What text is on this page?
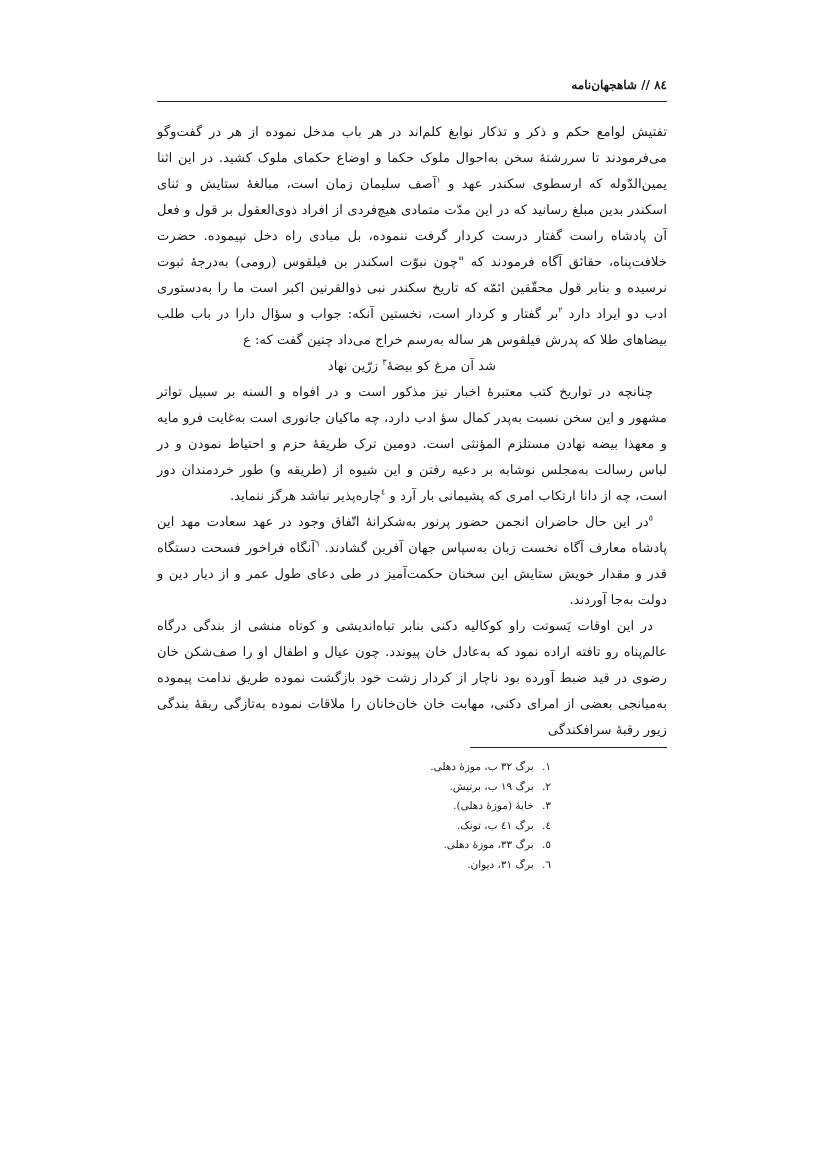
٨٤ // شاهجهان‌نامه

تفتیش لوامع حکم و ذکر و تذکار نوابغ کلم‌اند در هر باب مدخل نموده از هر در گفت‌وگو می‌فرمودند تا سررشتهٔ سخن به‌احوال ملوک حکما و اوضاع حکمای ملوک کشید. در این اثنا یمین‌الدّوله که ارسطوی سکندر عهد و $^١$آصف سلیمان زمان است، مبالغهٔ ستایش و ثنای اسکندر بدین مبلغ رسانید که در این مدّت متمادی هیچ‌فردی از افراد ذوی‌العقول بر قول و فعل آن پادشاه راست گفتار درست کردار گرفت ننموده، بل مبادی راه دخل نپیموده. حضرت خلافت‌پناه، حقائق آگاه فرمودند که "چون نبوّت اسکندر بن فیلقوس (رومی) به‌درجهٔ ثبوت نرسیده و بنابر قول محقّقین ائمّه که تاریخ سکندر نبی ذوالقرنین اکبر است ما را به‌دستوری ادب دو ایراد دارد $^٢$بر گفتار و کردار است، نخستین آنکه: جواب و سؤال دارا در باب طلب بیضاهای طلا که پدرش فیلقوس هر ساله به‌رسم خراج می‌داد چنین گفت که: ع

شد آن مرغ کو بیضهٔ$^٣$ زرّین نهاد

چنانچه در تواریخ کتب معتبرهٔ اخبار نیز مذکور است و در افواه و السنه بر سبیل تواتر مشهور و این سخن نسبت به‌پدر کمال سؤ ادب دارد، چه ماکیان جانوری است به‌غایت فرو مایه و معهذا بیضه نهادن مستلزم المؤنثی است. دومین ترک طریقهٔ حزم و احتیاط نمودن و در لباس رسالت به‌مجلس نوشابه بر دعیه رفتن و این شیوه از (طریقه و) طور خردمندان دور است، چه از دانا ارتکاب امری که پشیمانی بار آرد و $^٤$چاره‌پذیر نباشد هرگز ننماید.

$^٥$در این حال حاضران انجمن حضور پرنور به‌شکرانهٔ اتّفاق وجود در عهد سعادت مهد این پادشاه معارف آگاه نخست زبان به‌سپاس جهان آفرین گشادند. $^٦$آنگاه فراخور فسحت دستگاه قدر و مقدار خویش ستایش این سخنان حکمت‌آمیز در طی دعای طول عمر و از دیار دین و دولت به‌جا آوردند.

در این اوقات یَسوتت راو کوکالیه دکنی بنابر تباه‌اندیشی و کوتاه منشی از بندگی درگاه عالم‌پناه رو تافته اراده نمود که به‌عادل خان پیوندد. چون عیال و اطفال او را صف‌شکن خان رضوی در قید ضبط آورده بود ناچار از کردار زشت خود بازگشت نموده طریق ندامت پیموده به‌میانجی بعضی از امرای دکنی، مهابت خان خان‌خانان را ملاقات نموده به‌تازگی ربقهٔ بندگی زیور رقبهٔ سرافکندگی

١. برگ ٣٢ ب، موزهٔ دهلی.
٢. برگ ١٩ ب، برتیش.
٣. خایهٔ (موزهٔ دهلی).
٤. برگ ٤١ ب، تونک.
٥. برگ ٣٣، موزهٔ دهلی.
٦. برگ ٣١، دیوان.
